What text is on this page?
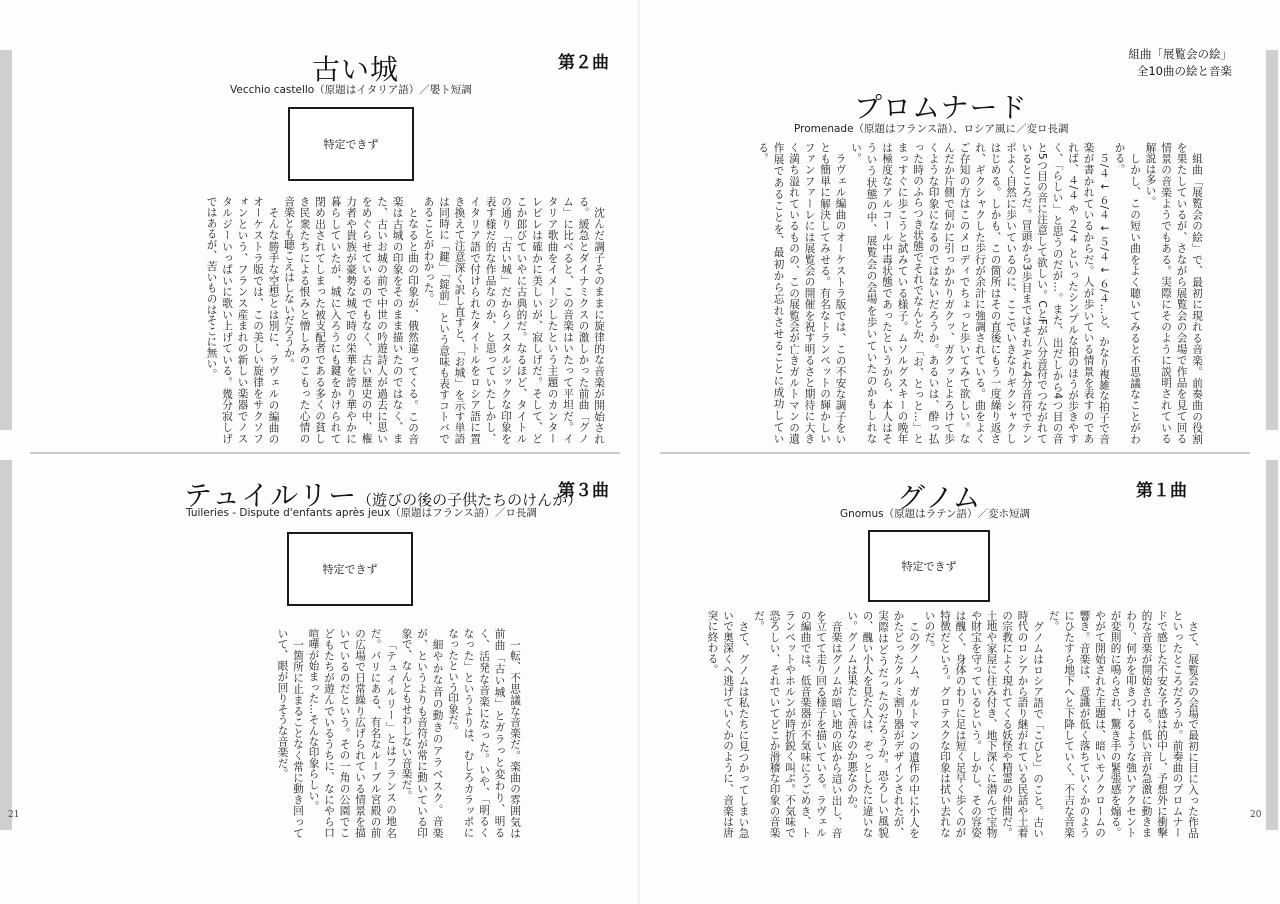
古い城	第２曲
Vecchio castello（原題はイタリア語）／嬰ト短調
特定できず

沈んだ調子そのままに旋律的な音楽が開始される。緩急とダイナミクスの激しかった前曲「グノム」に比べると、この音楽はいたって平坦だ。イタリア歌曲をイメージしたという主題のカンターレビレは確かに美しいが、寂しげだ。そして、どこか郎びていやに古典的だ。なるほど、タイトルの通り「古い城」だからノスタルジックな印象を表す様だ的な作品なのか、と思っていたしかし、イタリア語で付けられたタイトルをロシア語に置き換えて注意深く訳し直すと、「お城」を示す単語は同時に「鍵」「錠前」という意味も表すコトバであることがわかった。

となると曲の印象が、俄然違ってくる。この音楽は古城の印象をそのまま描いたのではなく、また、古いお城の前で中世の吟遊詩人が過去に思いをめぐらせているのでもなく、古い歴史の中、権力者や貴族が豪勢な城で時の栄華を誇り華やかに暮らしていたが、城に入ろうにも鍵をかけられて閉め出されてしまった被支配者である多くの貧しき民衆たちによる恨みと憎しみのこもった心情の音楽とも聴こえはしないだろうか。

そんな勝手な空想とは別に、ラヴェルの編曲のオーケストラ版では、この美しい旋律をサクソフォンという、フランス産まれの新しい楽器でノスタルジーいっぱいに歌い上げている。幾分寂しげではあるが、苦いものはそこに無い。

テュイルリー（遊びの後の子供たちのけんか）
第３曲
Tuileries - Dispute d'enfants après jeux（原題はフランス語）／ロ長調
特定できず

一転、不思議な音楽だ。楽曲の雰囲気は前曲「古い城」とガラっと変わり、明るく、活発な音楽になった。いや、「明るくなった」というよりは、むしろカラッポになったという印象だ。

細やかな音の動きのアラベスク。音楽が、というよりも音符が常に動いている印象で、なんともせわしない音楽だ。

「テュイルリー」とはフランスの地名だ。パリにある、有名なルーブル宮殿の前の広場で日常繰り広げられている情景を描いているのだという。その一角の公園でこどもたちが遊んでいるうちに、なにやら口喧嘩が始まった…そんな印象らしい。

一箇所に止まることなく常に動き回っていて、眼が回りそうな音楽だ。

21
組曲「展覧会の絵」
全10曲の絵と音楽
プロムナード
Promenade（原題はフランス語）、ロシア風に／変ロ長調

組曲「展覧会の絵」で、最初に現れる音楽。前奏曲の役割を果たしているが、さながら展覧会の会場で作品を見て回る情景の音楽ようでもある。実際にそのように説明されている解説は多い。

しかし、この短い曲をよく聴いてみると不思議なことがわかる。

５/４ ↓ ６/４ ↓ ５/４ ↓ ６/４…と、かなり複雑な拍子で音楽が書かれているからだ。人が歩いている情景を表すのであれば、４/４ や ２/４ といったシンプルな拍のほうが歩きやすく、「らしい」と思うのだが…。また、出だしから4つ目の音と5つ目の音に注意して欲しい。CとFが八分音符でつながれているところだ。冒頭から3歩目まではそれぞれ4分音符でテンポよく自然に歩いているのに、ここでいきなりギクシャクしはじめる。しかも、この箇所はその直後にもう一度繰り返され、ギクシャクした歩行が余計に強調されている。曲をよくご存知の方はこのメロディでちょっと歩いてみて欲しい。なんだか片側で何かに引っかかりガクッ、ガクッとよろけて歩くような印象になるのではないだろうか。あるいは、酔っ払った時のふらつき状態でそれでなんとか、「お、とっと…」とまっすぐに歩こうと試みている様子。ムソルグスキーの晩年は極度なアルコール中毒状態であったというから、本人はそういう状態の中、展覧会の会場を歩いていたのかもしれない。

ラヴェル編曲のオーケストラ版では、この不安な調子をいとも簡単に解決してみせる。有名なトランペットの輝かしいファンファーレには展覧会の開催を祝す明るさと期待に大きく満ち溢れているものの、この展覧会が亡きガルトマンの遺作展であることを、最初から忘れさせることに成功している。

グノム	第１曲
Gnomus（原題はラテン語）／変ホ短調
特定できず

さて、展覧会の会場で最初に目に入った作品といったところだろうか。前奏曲のプロムナードで感じた不安な予感は的中し、予想外に衝撃的な音楽が開始される。低い音が急激に動きまわり、何かを叩きつけるような強いアクセントが変則的に鳴らされ、驚き手の緊張感を煽る。やがて開始された主題は、暗いモノクロームの響き。音楽は、意識が低く落ちていくかのようにひたすら地下へと下降していく、不吉な音楽だ。

グノムはロシア語で「こびと」のこと。古い時代のロシアから語り継がれている民話や土着の宗教によく現れてくる妖怪や精霊の仲間だ。土地や家屋に住み付き、地下深くに潜んで宝物や財宝を守っているという。しかし、その容姿は醜く、身体のわりに足は短く足早く歩くのが特徴だという。グロテスクな印象は拭い去れないのだ。

このグノム、ガルトマンの遺作の中に小人をかたどったクルミ割り器がデザインされたが、実際はどうだったのだろうか。恐ろしい風貌の、醜い小人を見た人は、ぞっとしたに違いない。グノムは果たして善なのか悪なのか。

音楽はグノムが暗い地の底から這い出し、音を立てて走り回る様子を描いている。ラヴェルの編曲では、低音楽器が不気味にうごめき、トランペットやホルンが時折鋭く叫ぶ。不気味で恐ろしい、それでいてどこか滑稽な印象の音楽だ。

さて、グノムは私たちに見つかってしまい急いで奥深くへ逃げていくかのように、音楽は唐突に終わる。

20
